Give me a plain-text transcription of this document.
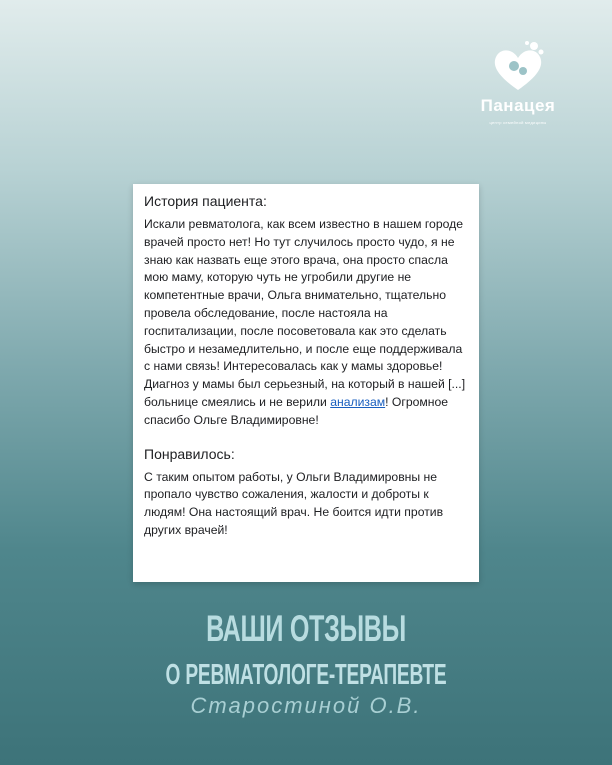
Панацея
центр семейной медицины
История пациента:

Искали ревматолога, как всем известно в нашем городе врачей просто нет! Но тут случилось просто чудо, я не знаю как назвать еще этого врача, она просто спасла мою маму, которую чуть не угробили другие не компетентные врачи, Ольга внимательно, тщательно провела обследование, после настояла на госпитализации, после посоветовала как это сделать быстро и незамедлительно, и после еще поддерживала с нами связь! Интересовалась как у мамы здоровье! Диагноз у мамы был серьезный, на который в нашей [...] больнице смеялись и не верили анализам! Огромное спасибо Ольге Владимировне!

Понравилось:

С таким опытом работы, у Ольги Владимировны не пропало чувство сожаления, жалости и доброты к людям! Она настоящий врач. Не боится идти против других врачей!

ВАШИ ОТЗЫВЫ
О РЕВМАТОЛОГЕ-ТЕРАПЕВТЕ
Старостиной О.В.
